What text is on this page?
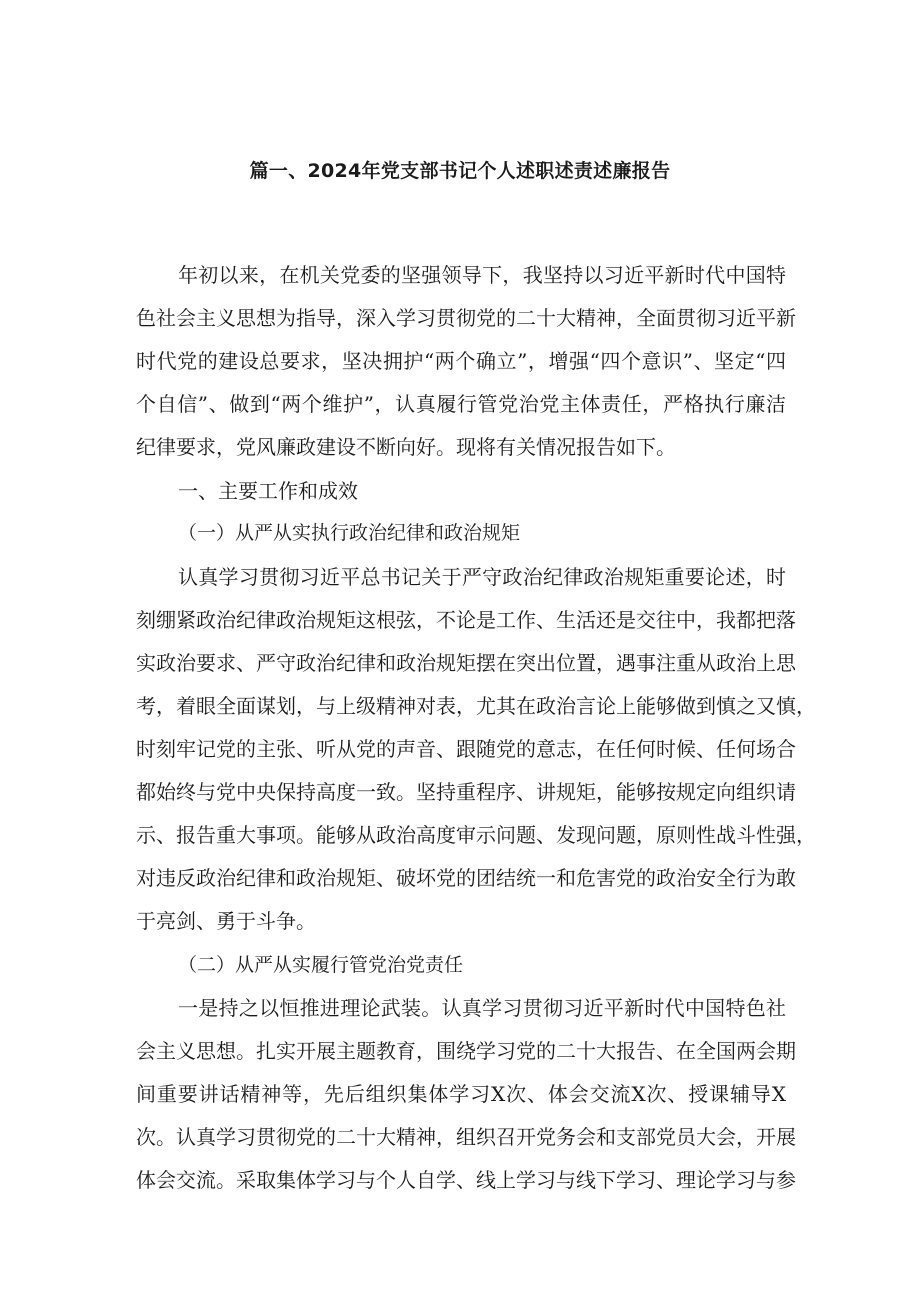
篇一、2024年党支部书记个人述职述责述廉报告
年初以来，在机关党委的坚强领导下，我坚持以习近平新时代中国特
色社会主义思想为指导，深入学习贯彻党的二十大精神，全面贯彻习近平新
时代党的建设总要求，坚决拥护“两个确立”，增强“四个意识”、坚定“四
个自信”、做到“两个维护”，认真履行管党治党主体责任，严格执行廉洁
纪律要求，党风廉政建设不断向好。现将有关情况报告如下。
一、主要工作和成效
（一）从严从实执行政治纪律和政治规矩
认真学习贯彻习近平总书记关于严守政治纪律政治规矩重要论述，时
刻绷紧政治纪律政治规矩这根弦，不论是工作、生活还是交往中，我都把落
实政治要求、严守政治纪律和政治规矩摆在突出位置，遇事注重从政治上思
考，着眼全面谋划，与上级精神对表，尤其在政治言论上能够做到慎之又慎，
时刻牢记党的主张、听从党的声音、跟随党的意志，在任何时候、任何场合
都始终与党中央保持高度一致。坚持重程序、讲规矩，能够按规定向组织请
示、报告重大事项。能够从政治高度审示问题、发现问题，原则性战斗性强，
对违反政治纪律和政治规矩、破坏党的团结统一和危害党的政治安全行为敢
于亮剑、勇于斗争。
（二）从严从实履行管党治党责任
一是持之以恒推进理论武装。认真学习贯彻习近平新时代中国特色社
会主义思想。扎实开展主题教育，围绕学习党的二十大报告、在全国两会期
间重要讲话精神等，先后组织集体学习X次、体会交流X次、授课辅导X
次。认真学习贯彻党的二十大精神，组织召开党务会和支部党员大会，开展
体会交流。采取集体学习与个人自学、线上学习与线下学习、理论学习与参
